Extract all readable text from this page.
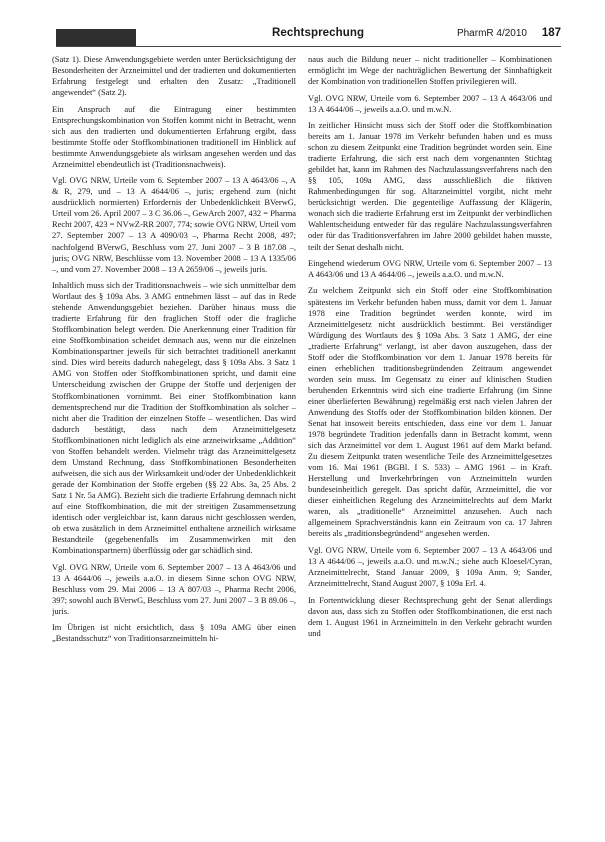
Rechtsprechung	PharmR 4/2010 187

(Satz 1). Diese Anwendungsgebiete werden unter Berücksichtigung der Besonderheiten der Arzneimittel und der tradierten und dokumentierten Erfahrung festgelegt und erhalten den Zusatz: „Traditionell angewendet“ (Satz 2).

Ein Anspruch auf die Eintragung einer bestimmten Entsprechungskombination von Stoffen kommt nicht in Betracht, wenn sich aus den tradierten und dokumentierten Erfahrung ergibt, dass bestimmte Stoffe oder Stoffkombinationen traditionell im Hinblick auf bestimmte Anwendungsgebiete als wirksam angesehen werden und das Arzneimittel ebendeutlich ist (Traditionsnachweis).

Vgl. OVG NRW, Urteile vom 6. September 2007 – 13 A 4643/06 –, A & R, 279, und – 13 A 4644/06 –, juris; ergehend zum (nicht ausdrücklich normierten) Erfordernis der Unbedenklichkeit BVerwG, Urteil vom 26. April 2007 – 3 C 36.06 –, GewArch 2007, 432 = Pharma Recht 2007, 423 = NVwZ-RR 2007, 774; sowie OVG NRW, Urteil vom 27. September 2007 – 13 A 4090/03 –, Pharma Recht 2008, 497; nachfolgend BVerwG, Beschluss vom 27. Juni 2007 – 3 B 187.08 –, juris; OVG NRW, Beschlüsse vom 13. November 2008 – 13 A 1335/06 –, und vom 27. November 2008 – 13 A 2659/06 –, jeweils juris.

Inhaltlich muss sich der Traditionsnachweis – wie sich unmittelbar dem Wortlaut des § 109a Abs. 3 AMG entnehmen lässt – auf das in Rede stehende Anwendungsgebiet beziehen. Darüber hinaus muss die tradierte Erfahrung für den fraglichen Stoff oder die fragliche Stoffkombination belegt werden. Die Anerkennung einer Tradition für eine Stoffkombination scheidet demnach aus, wenn nur die einzelnen Kombinationspartner jeweils für sich betrachtet traditionell anerkannt sind. Dies wird bereits dadurch nahegelegt, dass § 109a Abs. 3 Satz 1 AMG von Stoffen oder Stoffkombinationen spricht, und damit eine Unterscheidung zwischen der Gruppe der Stoffe und derjenigen der Stoffkombinationen vornimmt. Bei einer Stoffkombination kann dementsprechend nur die Tradition der Stoffkombination als solcher – nicht aber die Tradition der einzelnen Stoffe – wesentlichen. Das wird dadurch bestätigt, dass nach dem Arzneimittelgesetz Stoffkombinationen nicht lediglich als eine arzneiwirksame „Addition“ von Stoffen behandelt werden. Vielmehr trägt das Arzneimittelgesetz dem Umstand Rechnung, dass Stoffkombinationen Besonderheiten aufweisen, die sich aus der Wirksamkeit und/oder der Unbedenklichkeit gerade der Kombination der Stoffe ergeben (§§ 22 Abs. 3a, 25 Abs. 2 Satz 1 Nr. 5a AMG). Bezieht sich die tradierte Erfahrung demnach nicht auf eine Stoffkombination, die mit der streitigen Zusammensetzung identisch oder vergleichbar ist, kann daraus nicht geschlossen werden, ob etwa zusätzlich in dem Arzneimittel enthaltene arzneilich wirksame Bestandteile (gegebenenfalls im Zusammenwirken mit den Kombinationspartnern) überflüssig oder gar schädlich sind.

Vgl. OVG NRW, Urteile vom 6. September 2007 – 13 A 4643/06 und 13 A 4644/06 –, jeweils a.a.O. in diesem Sinne schon OVG NRW, Beschluss vom 29. Mai 2006 – 13 A 807/03 –, Pharma Recht 2006, 397; sowohl auch BVerwG, Beschluss vom 27. Juni 2007 – 3 B 89.06 –, juris.

Im Übrigen ist nicht ersichtlich, dass § 109a AMG über einen „Bestandsschutz“ von Traditionsarzneimitteln hi-

naus auch die Bildung neuer – nicht traditioneller – Kombinationen ermöglicht im Wege der nachträglichen Bewertung der Sinnhaftigkeit der Kombination von traditionellen Stoffen privilegieren will.

Vgl. OVG NRW, Urteile vom 6. September 2007 – 13 A 4643/06 und 13 A 4644/06 –, jeweils a.a.O. und m.w.N.

In zeitlicher Hinsicht muss sich der Stoff oder die Stoffkombination bereits am 1. Januar 1978 im Verkehr befunden haben und es muss schon zu diesem Zeitpunkt eine Tradition begründet worden sein. Eine tradierte Erfahrung, die sich erst nach dem vorgenannten Stichtag gebildet hat, kann im Rahmen des Nachzulassungsverfahrens nach den §§ 105, 109a AMG, dass ausschließlich die fiktiven Rahmenbedingungen für sog. Altarzneimittel vorgibt, nicht mehr berücksichtigt werden. Die gegenteilige Auffassung der Klägerin, wonach sich die tradierte Erfahrung erst im Zeitpunkt der verbindlichen Wahlentscheidung entweder für das reguläre Nachzulassungsverfahren oder für das Traditionsverfahren im Jahre 2000 gebildet haben musste, teilt der Senat deshalb nicht.

Eingehend wiederum OVG NRW, Urteile vom 6. September 2007 – 13 A 4643/06 und 13 A 4644/06 –, jeweils a.a.O. und m.w.N.

Zu welchem Zeitpunkt sich ein Stoff oder eine Stoffkombination spätestens im Verkehr befunden haben muss, damit vor dem 1. Januar 1978 eine Tradition begründet werden konnte, wird im Arzneimittelgesetz nicht ausdrücklich bestimmt. Bei verständiger Würdigung des Wortlauts des § 109a Abs. 3 Satz 1 AMG, der eine „tradierte Erfahrung“ verlangt, ist aber davon auszugehen, dass der Stoff oder die Stoffkombination vor dem 1. Januar 1978 bereits für einen erheblichen traditionsbegründenden Zeitraum angewendet worden sein muss. Im Gegensatz zu einer auf klinischen Studien beruhenden Erkenntnis wird sich eine tradierte Erfahrung (im Sinne einer überlieferten Bewährung) regelmäßig erst nach vielen Jahren der Anwendung des Stoffs oder der Stoffkombination bilden können. Der Senat hat insoweit bereits entschieden, dass eine vor dem 1. Januar 1978 begründete Tradition jedenfalls dann in Betracht kommt, wenn sich das Arzneimittel vor dem 1. August 1961 auf dem Markt befand. Zu diesem Zeitpunkt traten wesentliche Teile des Arzneimittelgesetzes vom 16. Mai 1961 (BGBl. I S. 533) – AMG 1961 – in Kraft. Herstellung und Inverkehrbringen von Arzneimitteln wurden bundeseinheitlich geregelt. Das spricht dafür, Arzneimittel, die vor dieser einheitlichen Regelung des Arzneimittelrechts auf dem Markt waren, als „traditionelle“ Arzneimittel anzusehen. Auch nach allgemeinem Sprachverständnis kann ein Zeitraum von ca. 17 Jahren bereits als „traditionsbegründend“ angesehen werden.

Vgl. OVG NRW, Urteile vom 6. September 2007 – 13 A 4643/06 und 13 A 4644/06 –, jeweils a.a.O. und m.w.N.; siehe auch Kloesel/Cyran, Arzneimittelrecht, Stand Januar 2009, § 109a Anm. 9; Sander, Arzneimittelrecht, Stand August 2007, § 109a Erl. 4.

In Fortentwicklung dieser Rechtsprechung geht der Senat allerdings davon aus, dass sich zu Stoffen oder Stoffkombinationen, die erst nach dem 1. August 1961 in Arzneimitteln in den Verkehr gebracht wurden und
